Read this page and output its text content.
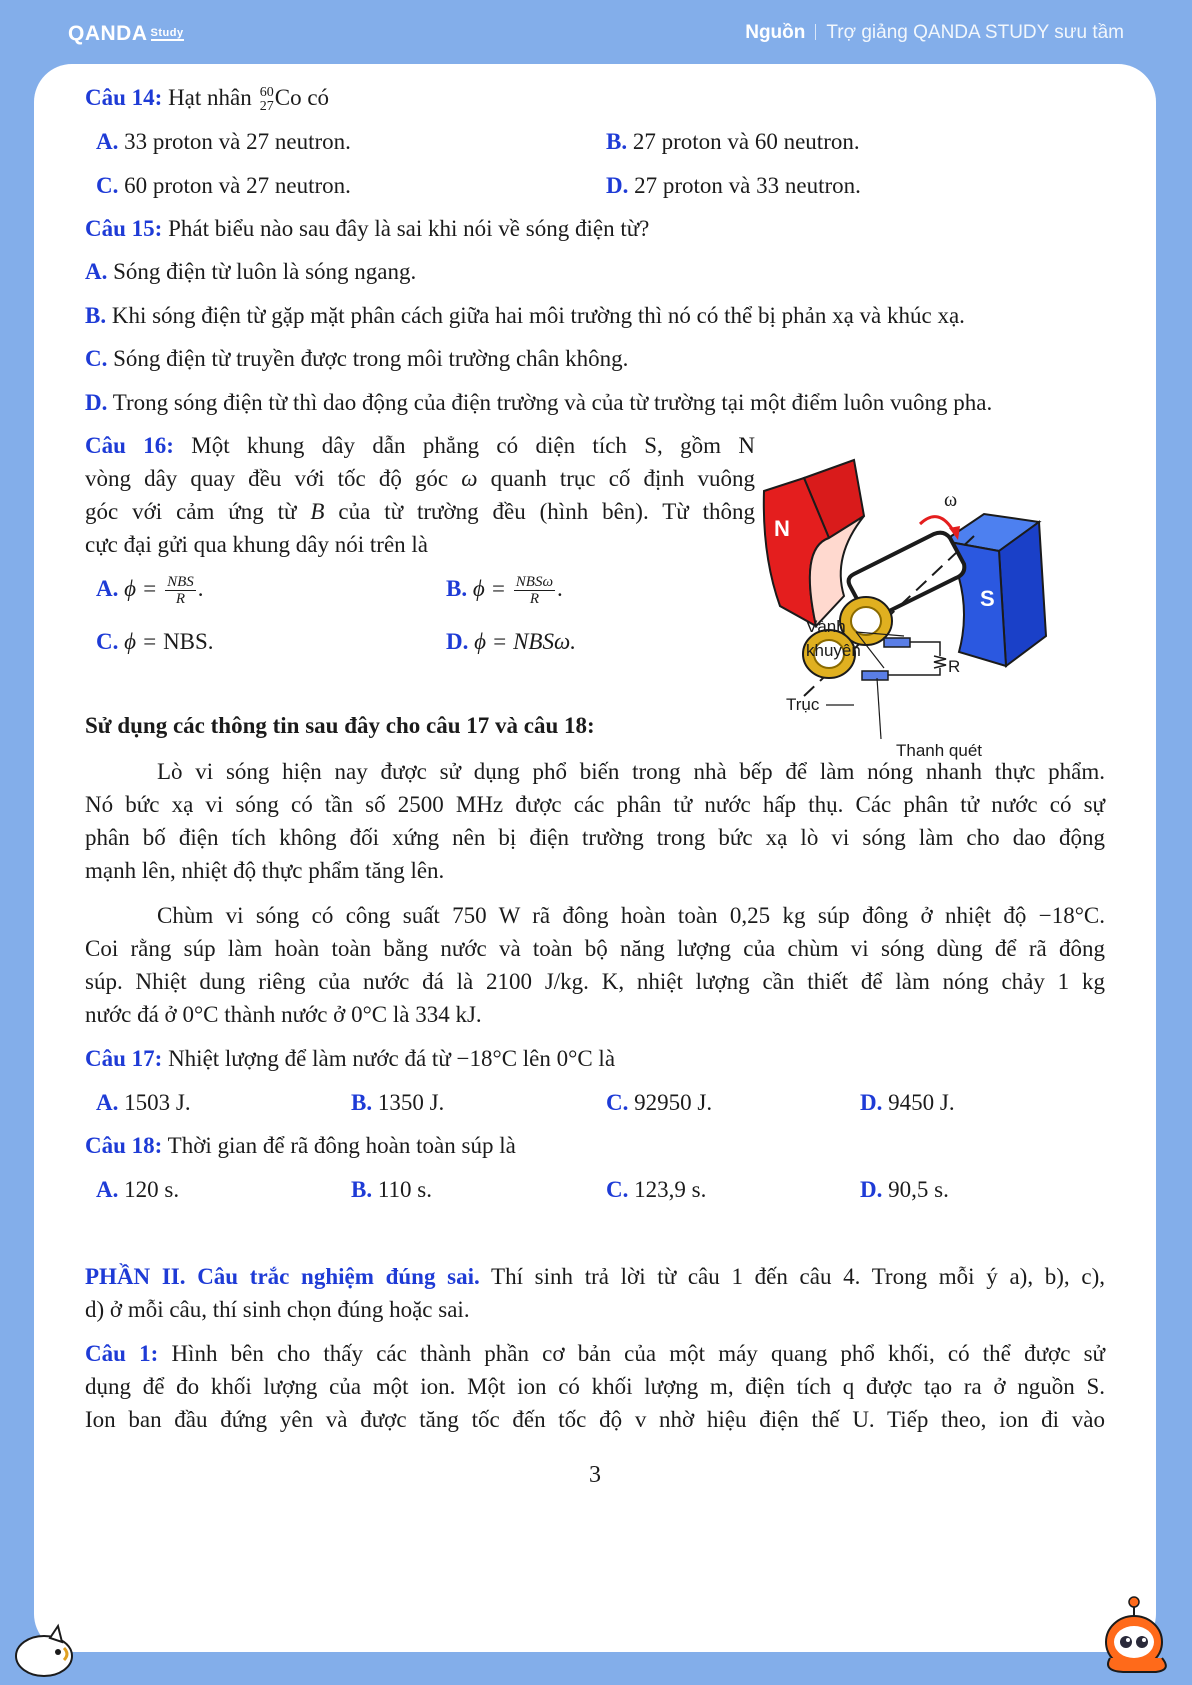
QANDA Study	Nguồn Trợ giảng QANDA STUDY sưu tầm
Câu 14: Hạt nhân 60
27 Co có
A. 33 proton và 27 neutron.	B. 27 proton và 60 neutron.
C. 60 proton và 27 neutron.	D. 27 proton và 33 neutron.
Câu 15: Phát biểu nào sau đây là sai khi nói về sóng điện từ?
A. Sóng điện từ luôn là sóng ngang.
B. Khi sóng điện từ gặp mặt phân cách giữa hai môi trường thì nó có thể bị phản xạ và khúc xạ.
C. Sóng điện từ truyền được trong môi trường chân không.
D. Trong sóng điện từ thì dao động của điện trường và của từ trường tại một điểm luôn vuông pha.
Câu 16: Một khung dây dẫn phẳng có diện tích S, gồm N
vòng dây quay đều với tốc độ góc ω quanh trục cố định vuông
góc với cảm ứng từ B của từ trường đều (hình bên). Từ thông
cực đại gửi qua khung dây nói trên là
A. $\phi = \frac{\text{NBS}}{R}$ .	B. $\phi = \frac{\text{NBSω}}{R}$ .
C. ϕ = NBS.	D. ϕ = NBSω.
N
S
ω
R
Vành
khuyên
Trục
Thanh quét
Sử dụng các thông tin sau đây cho câu 17 và câu 18:
Lò vi sóng hiện nay được sử dụng phổ biến trong nhà bếp để làm nóng nhanh thực phẩm.
Nó bức xạ vi sóng có tần số 2500 MHz được các phân tử nước hấp thụ. Các phân tử nước có sự
phân bố điện tích không đối xứng nên bị điện trường trong bức xạ lò vi sóng làm cho dao động
mạnh lên, nhiệt độ thực phẩm tăng lên.
Chùm vi sóng có công suất 750 W rã đông hoàn toàn 0,25 kg súp đông ở nhiệt độ −18°C.
Coi rằng súp làm hoàn toàn bằng nước và toàn bộ năng lượng của chùm vi sóng dùng để rã đông
súp. Nhiệt dung riêng của nước đá là 2100 J/kg. K, nhiệt lượng cần thiết để làm nóng chảy 1 kg
nước đá ở 0°C thành nước ở 0°C là 334 kJ.
Câu 17: Nhiệt lượng để làm nước đá từ −18°C lên 0°C là
A. 1503 J.	B. 1350 J.	C. 92950 J.	D. 9450 J.
Câu 18: Thời gian để rã đông hoàn toàn súp là
A. 120 s.	B. 110 s.	C. 123,9 s.	D. 90,5 s.
PHẦN II. Câu trắc nghiệm đúng sai. Thí sinh trả lời từ câu 1 đến câu 4. Trong mỗi ý a), b), c),
d) ở mỗi câu, thí sinh chọn đúng hoặc sai.
Câu 1: Hình bên cho thấy các thành phần cơ bản của một máy quang phổ khối, có thể được sử
dụng để đo khối lượng của một ion. Một ion có khối lượng m, điện tích q được tạo ra ở nguồn S.
Ion ban đầu đứng yên và được tăng tốc đến tốc độ v nhờ hiệu điện thế U. Tiếp theo, ion đi vào
3
